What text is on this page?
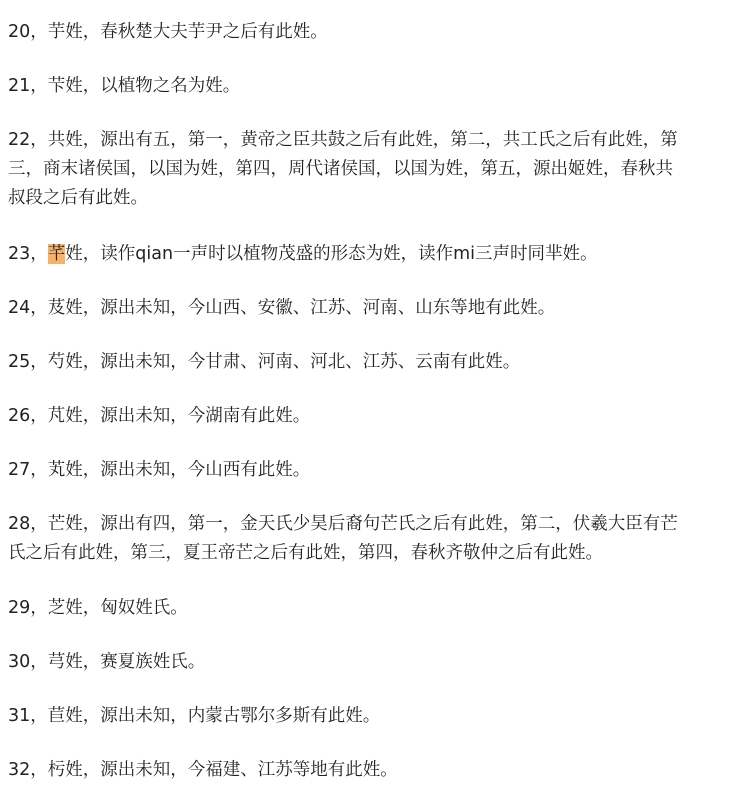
20，芋姓，春秋楚大夫芋尹之后有此姓。

21，芐姓，以植物之名为姓。

22，共姓，源出有五，第一，黄帝之臣共鼓之后有此姓，第二，共工氏之后有此姓，第
三，商末诸侯国，以国为姓，第四，周代诸侯国，以国为姓，第五，源出姬姓，春秋共
叔段之后有此姓。

23，芊姓，读作qian一声时以植物茂盛的形态为姓，读作mi三声时同芈姓。

24，芨姓，源出未知，今山西、安徽、江苏、河南、山东等地有此姓。

25，芍姓，源出未知，今甘肃、河南、河北、江苏、云南有此姓。

26，芃姓，源出未知，今湖南有此姓。

27，芄姓，源出未知，今山西有此姓。

28，芒姓，源出有四，第一，金天氏少昊后裔句芒氏之后有此姓，第二，伏羲大臣有芒
氏之后有此姓，第三，夏王帝芒之后有此姓，第四，春秋齐敬仲之后有此姓。

29，芝姓，匈奴姓氏。

30，芎姓，赛夏族姓氏。

31，苣姓，源出未知，内蒙古鄂尔多斯有此姓。

32，杇姓，源出未知，今福建、江苏等地有此姓。
